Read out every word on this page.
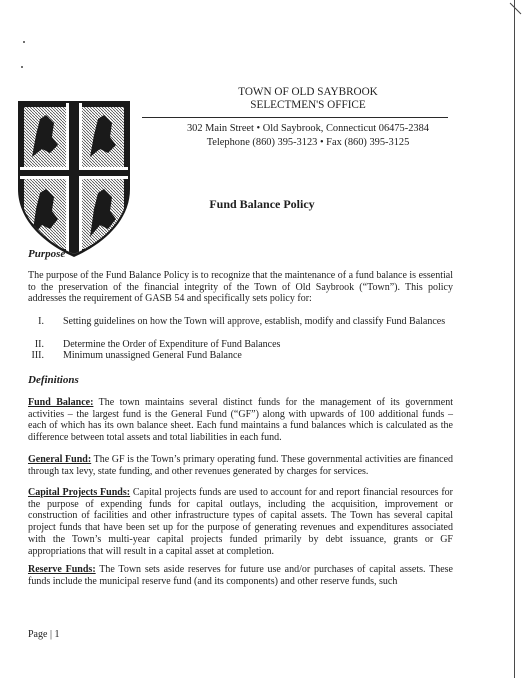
TOWN OF OLD SAYBROOK
SELECTMEN'S OFFICE
302 Main Street • Old Saybrook, Connecticut 06475-2384
Telephone (860) 395-3123 • Fax (860) 395-3125
Fund Balance Policy
Purpose
The purpose of the Fund Balance Policy is to recognize that the maintenance of a fund balance is essential to the preservation of the financial integrity of the Town of Old Saybrook (“Town”). This policy addresses the requirement of GASB 54 and specifically sets policy for:
I. Setting guidelines on how the Town will approve, establish, modify and classify Fund Balances
II. Determine the Order of Expenditure of Fund Balances
III. Minimum unassigned General Fund Balance
Definitions
Fund Balance: The town maintains several distinct funds for the management of its government activities – the largest fund is the General Fund (“GF”) along with upwards of 100 additional funds – each of which has its own balance sheet. Each fund maintains a fund balances which is calculated as the difference between total assets and total liabilities in each fund.
General Fund: The GF is the Town’s primary operating fund. These governmental activities are financed through tax levy, state funding, and other revenues generated by charges for services.
Capital Projects Funds: Capital projects funds are used to account for and report financial resources for the purpose of expending funds for capital outlays, including the acquisition, improvement or construction of facilities and other infrastructure types of capital assets. The Town has several capital project funds that have been set up for the purpose of generating revenues and expenditures associated with the Town’s multi-year capital projects funded primarily by debt issuance, grants or GF appropriations that will result in a capital asset at completion.
Reserve Funds: The Town sets aside reserves for future use and/or purchases of capital assets. These funds include the municipal reserve fund (and its components) and other reserve funds, such
Page | 1
